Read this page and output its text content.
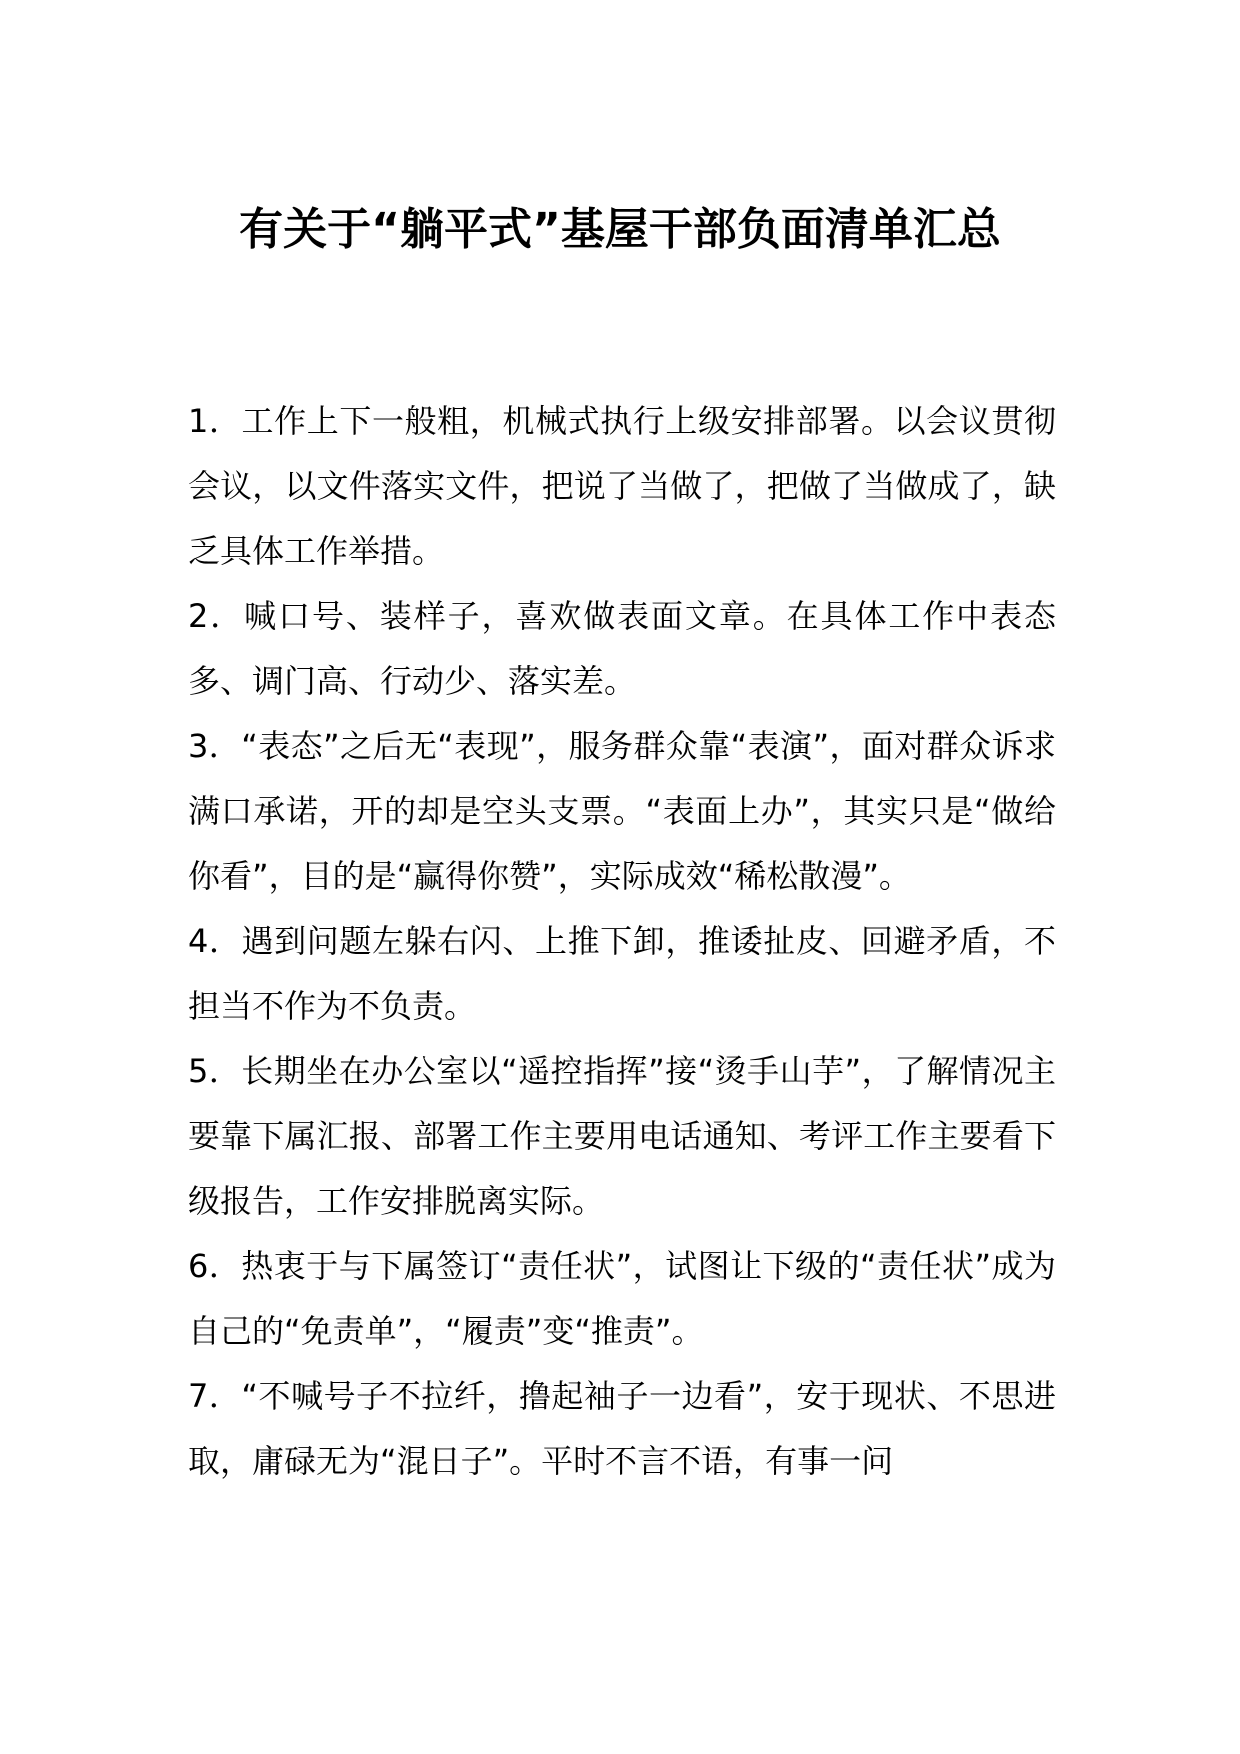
有关于“躺平式”基屋干部负面清单汇总

1．工作上下一般粗，机械式执行上级安排部署。以会议贯彻会议，以文件落实文件，把说了当做了，把做了当做成了，缺乏具体工作举措。

2．喊口号、装样子，喜欢做表面文章。在具体工作中表态多、调门高、行动少、落实差。

3．“表态”之后无“表现”，服务群众靠“表演”，面对群众诉求满口承诺，开的却是空头支票。“表面上办”，其实只是“做给你看”，目的是“赢得你赞”，实际成效“稀松散漫”。

4．遇到问题左躲右闪、上推下卸，推诿扯皮、回避矛盾，不担当不作为不负责。

5．长期坐在办公室以“遥控指挥”接“烫手山芋”，了解情况主要靠下属汇报、部署工作主要用电话通知、考评工作主要看下级报告，工作安排脱离实际。

6．热衷于与下属签订“责任状”，试图让下级的“责任状”成为自己的“免责单”，“履责”变“推责”。

7．“不喊号子不拉纤，撸起袖子一边看”，安于现状、不思进取，庸碌无为“混日子”。平时不言不语，有事一问
